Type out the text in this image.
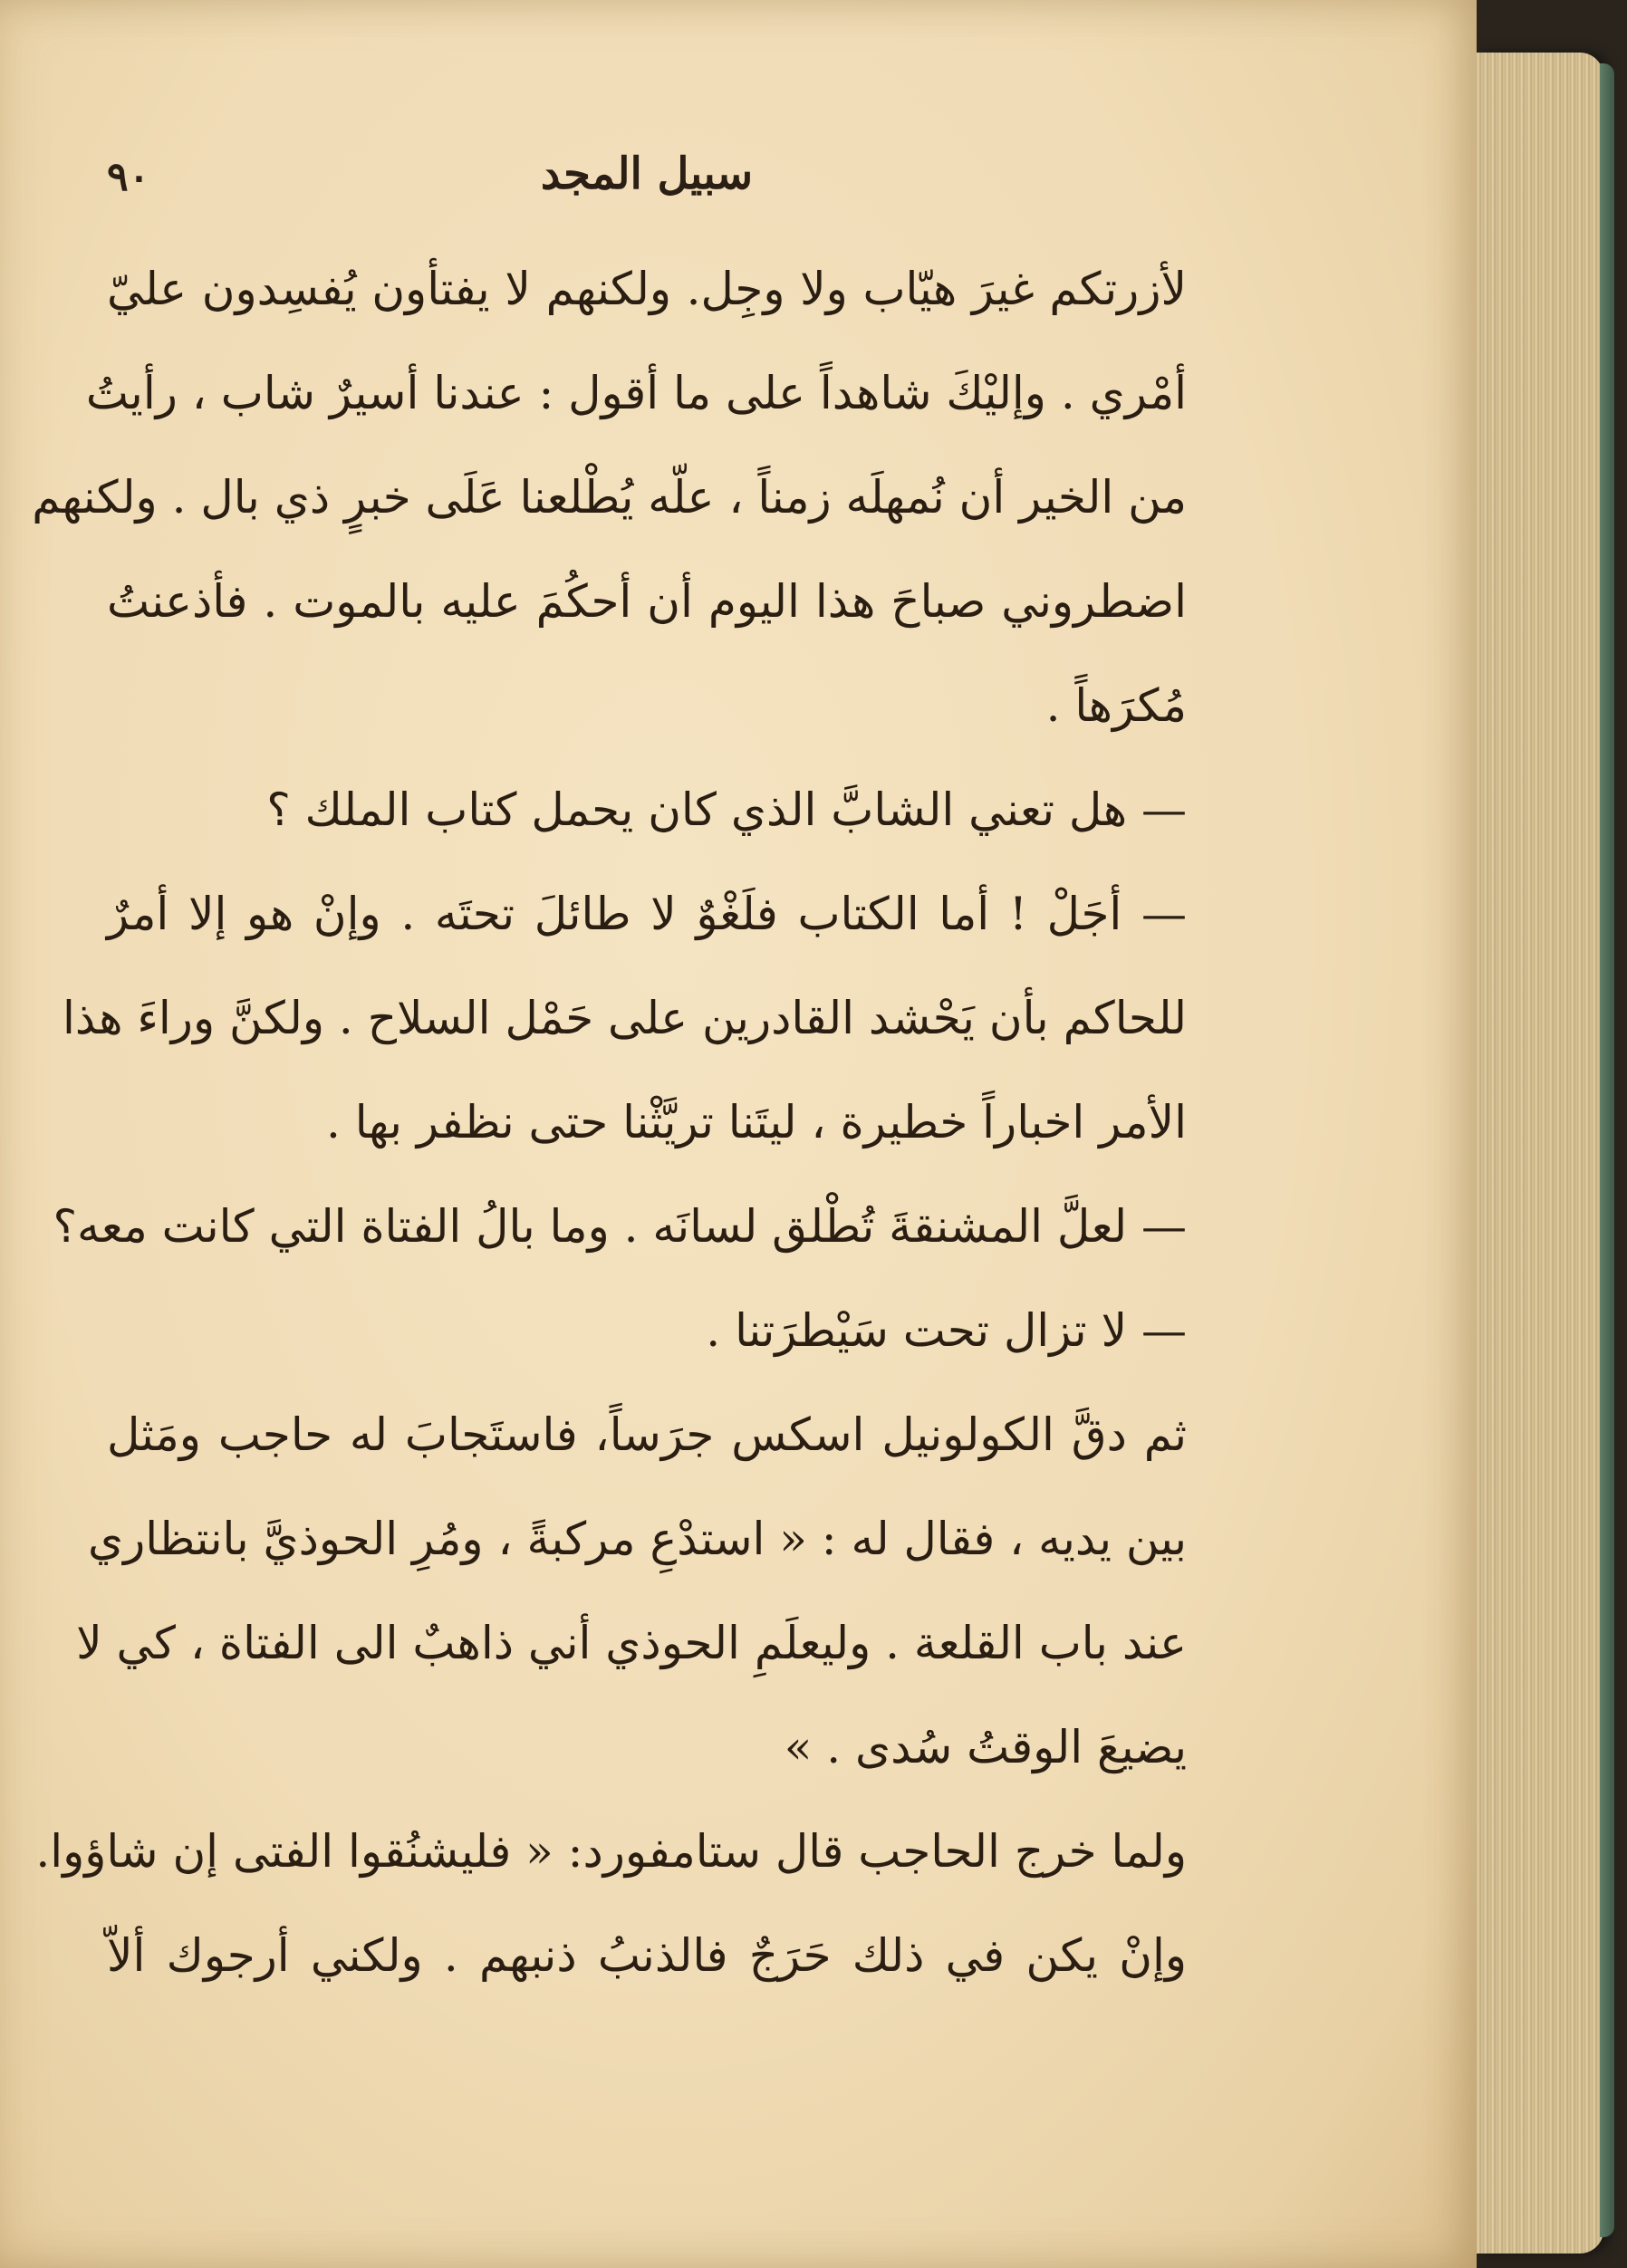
٩٠	سبيل المجد
لأزرتكم غيرَ هيّاب ولا وجِل. ولكنهم لا يفتأون يُفسِدون عليّ
أمْري . وإليْكَ شاهداً على ما أقول : عندنا أسيرٌ شاب ، رأيتُ
من الخير أن نُمهلَه زمناً ، علّه يُطْلعنا عَلَى خبرٍ ذي بال . ولكنهم
اضطروني صباحَ هذا اليوم أن أحكُمَ عليه بالموت . فأذعنتُ
مُكرَهاً .
— هل تعني الشابَّ الذي كان يحمل كتاب الملك ؟
— أجَلْ ! أما الكتاب فلَغْوٌ لا طائلَ تحتَه . وإنْ هو إلا أمرٌ
للحاكم بأن يَحْشد القادرين على حَمْل السلاح . ولكنَّ وراءَ هذا
الأمر اخباراً خطيرة ، ليتَنا تريَّثْنا حتى نظفر بها .
— لعلَّ المشنقةَ تُطْلق لسانَه . وما بالُ الفتاة التي كانت معه؟
— لا تزال تحت سَيْطرَتنا .
ثم دقَّ الكولونيل اسكس جرَساً، فاستَجابَ له حاجب ومَثل
بين يديه ، فقال له : « استدْعِ مركبةً ، ومُرِ الحوذيَّ بانتظاري
عند باب القلعة . وليعلَمِ الحوذي أني ذاهبٌ الى الفتاة ، كي لا
يضيعَ الوقتُ سُدى . »
ولما خرج الحاجب قال ستامفورد: « فليشنُقوا الفتى إن شاؤوا.
وإنْ يكن في ذلك حَرَجٌ فالذنبُ ذنبهم . ولكني أرجوك ألاّ
